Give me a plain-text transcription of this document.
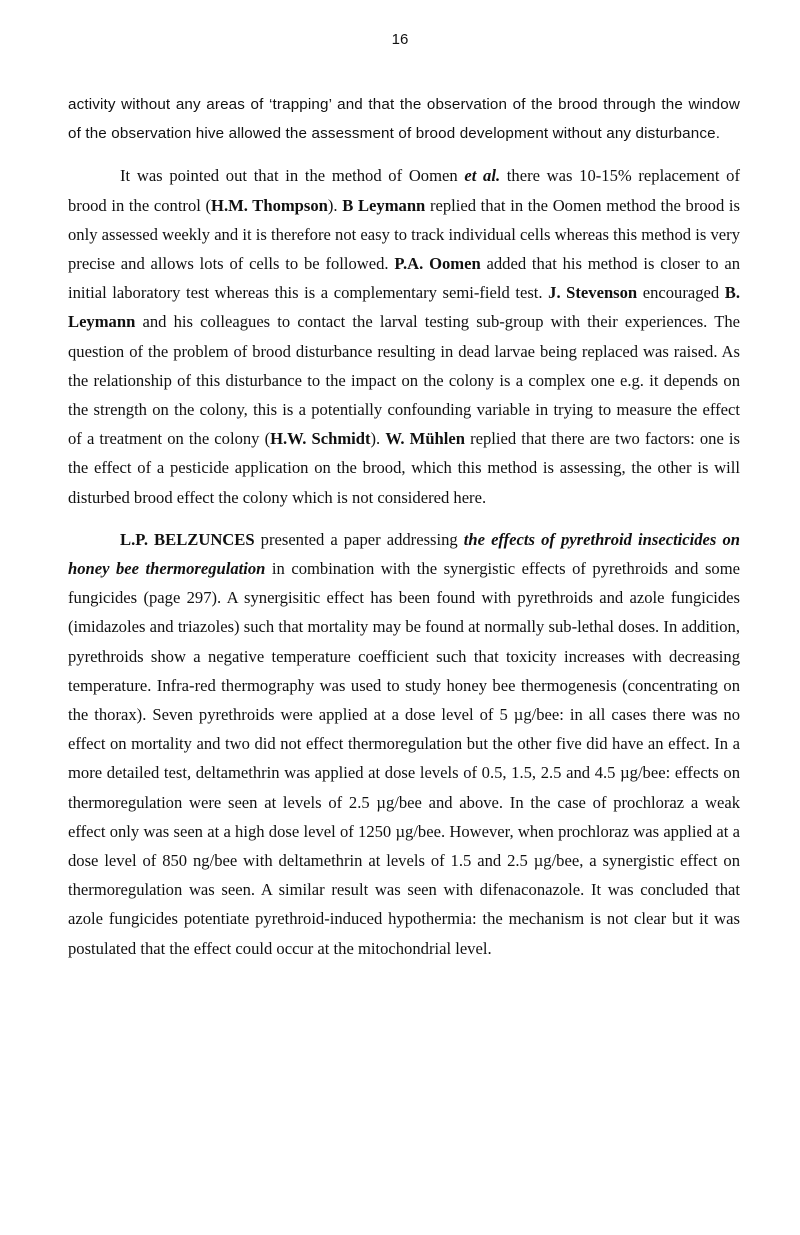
16

activity without any areas of ‘trapping’ and that the observation of the brood through the window of the observation hive allowed the assessment of brood development without any disturbance.

It was pointed out that in the method of Oomen et al. there was 10-15% replacement of brood in the control (H.M. Thompson). B Leymann replied that in the Oomen method the brood is only assessed weekly and it is therefore not easy to track individual cells whereas this method is very precise and allows lots of cells to be followed. P.A. Oomen added that his method is closer to an initial laboratory test whereas this is a complementary semi-field test. J. Stevenson encouraged B. Leymann and his colleagues to contact the larval testing sub-group with their experiences. The question of the problem of brood disturbance resulting in dead larvae being replaced was raised. As the relationship of this disturbance to the impact on the colony is a complex one e.g. it depends on the strength on the colony, this is a potentially confounding variable in trying to measure the effect of a treatment on the colony (H.W. Schmidt). W. Mühlen replied that there are two factors: one is the effect of a pesticide application on the brood, which this method is assessing, the other is will disturbed brood effect the colony which is not considered here.

L.P. BELZUNCES presented a paper addressing the effects of pyrethroid insecticides on honey bee thermoregulation in combination with the synergistic effects of pyrethroids and some fungicides (page 297). A synergisitic effect has been found with pyrethroids and azole fungicides (imidazoles and triazoles) such that mortality may be found at normally sub-lethal doses. In addition, pyrethroids show a negative temperature coefficient such that toxicity increases with decreasing temperature. Infra-red thermography was used to study honey bee thermogenesis (concentrating on the thorax). Seven pyrethroids were applied at a dose level of 5 µg/bee: in all cases there was no effect on mortality and two did not effect thermoregulation but the other five did have an effect. In a more detailed test, deltamethrin was applied at dose levels of 0.5, 1.5, 2.5 and 4.5 µg/bee: effects on thermoregulation were seen at levels of 2.5 µg/bee and above. In the case of prochloraz a weak effect only was seen at a high dose level of 1250 µg/bee. However, when prochloraz was applied at a dose level of 850 ng/bee with deltamethrin at levels of 1.5 and 2.5 µg/bee, a synergistic effect on thermoregulation was seen. A similar result was seen with difenaconazole. It was concluded that azole fungicides potentiate pyrethroid-induced hypothermia: the mechanism is not clear but it was postulated that the effect could occur at the mitochondrial level.
